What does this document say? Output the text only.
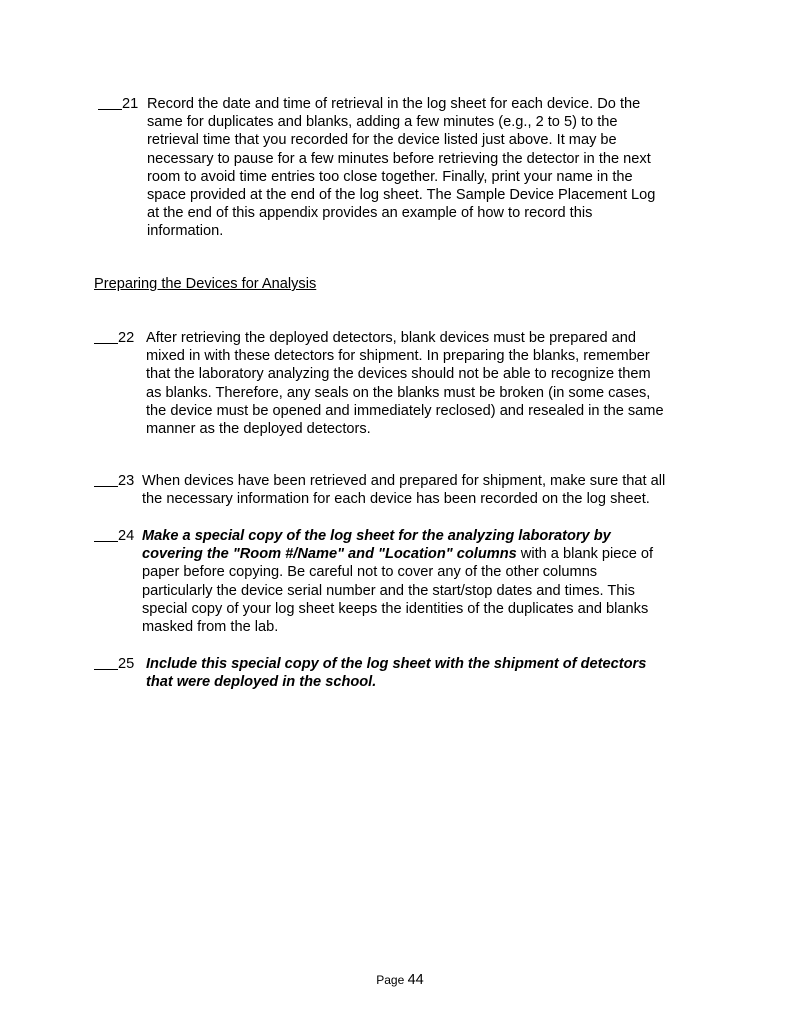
21 Record the date and time of retrieval in the log sheet for each device. Do the
same for duplicates and blanks, adding a few minutes (e.g., 2 to 5) to the
retrieval time that you recorded for the device listed just above. It may be
necessary to pause for a few minutes before retrieving the detector in the next
room to avoid time entries too close together. Finally, print your name in the
space provided at the end of the log sheet. The Sample Device Placement Log
at the end of this appendix provides an example of how to record this
information.
Preparing the Devices for Analysis
22 After retrieving the deployed detectors, blank devices must be prepared and
mixed in with these detectors for shipment. In preparing the blanks, remember
that the laboratory analyzing the devices should not be able to recognize them
as blanks. Therefore, any seals on the blanks must be broken (in some cases,
the device must be opened and immediately reclosed) and resealed in the same
manner as the deployed detectors.
23 When devices have been retrieved and prepared for shipment, make sure that all
the necessary information for each device has been recorded on the log sheet.
24 Make a special copy of the log sheet for the analyzing laboratory by
covering the "Room #/Name" and "Location" columns with a blank piece of
paper before copying. Be careful not to cover any of the other columns
particularly the device serial number and the start/stop dates and times. This
special copy of your log sheet keeps the identities of the duplicates and blanks
masked from the lab.
25 Include this special copy of the log sheet with the shipment of detectors
that were deployed in the school.
Page 44
